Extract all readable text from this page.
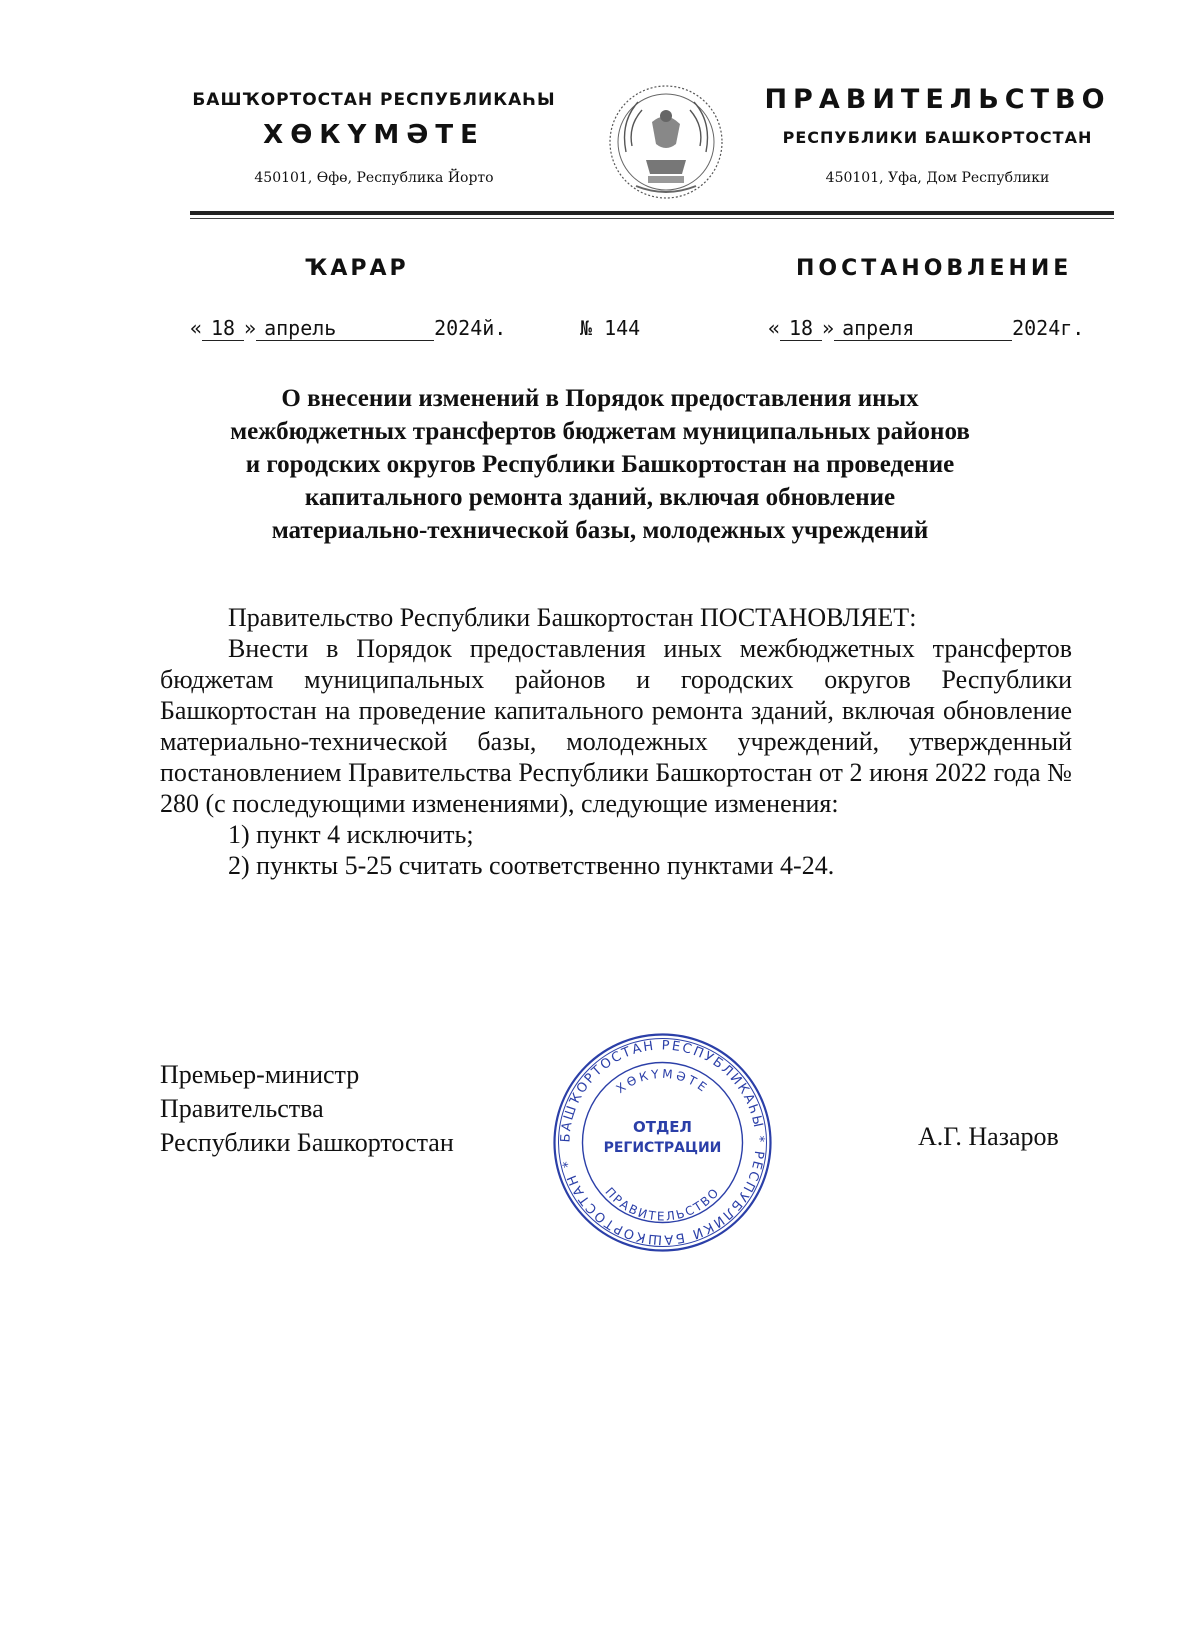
БАШҠОРТОСТАН РЕСПУБЛИКАҺЫ
ХӨКҮМӘТЕ
450101, Өфө, Республика Йорто
ПРАВИТЕЛЬСТВО
РЕСПУБЛИКИ БАШКОРТОСТАН
450101, Уфа, Дом Республики
ҠАРАР	ПОСТАНОВЛЕНИЕ
« 18 » апрель	2024й.	№ 144	« 18 » апреля	2024г.
О внесении изменений в Порядок предоставления иных
межбюджетных трансфертов бюджетам муниципальных районов
и городских округов Республики Башкортостан на проведение
капитального ремонта зданий, включая обновление
материально-технической базы, молодежных учреждений

Правительство Республики Башкортостан ПОСТАНОВЛЯЕТ:

Внести в Порядок предоставления иных межбюджетных трансфертов бюджетам муниципальных районов и городских округов Республики Башкортостан на проведение капитального ремонта зданий, включая обновление материально-технической базы, молодежных учреждений, утвержденный постановлением Правительства Республики Башкортостан от 2 июня 2022 года № 280 (с последующими изменениями), следующие изменения:

1) пункт 4 исключить;

2) пункты 5-25 считать соответственно пунктами 4-24.

Премьер-министр
Правительства
Республики Башкортостан	А.Г. Назаров
БАШҠОРТОСТАН РЕСПУБЛИКАҺЫ * РЕСПУБЛИКИ БАШКОРТОСТАН *
ХӨКҮМӘТЕ
ПРАВИТЕЛЬСТВО
ОТДЕЛ
РЕГИСТРАЦИИ
